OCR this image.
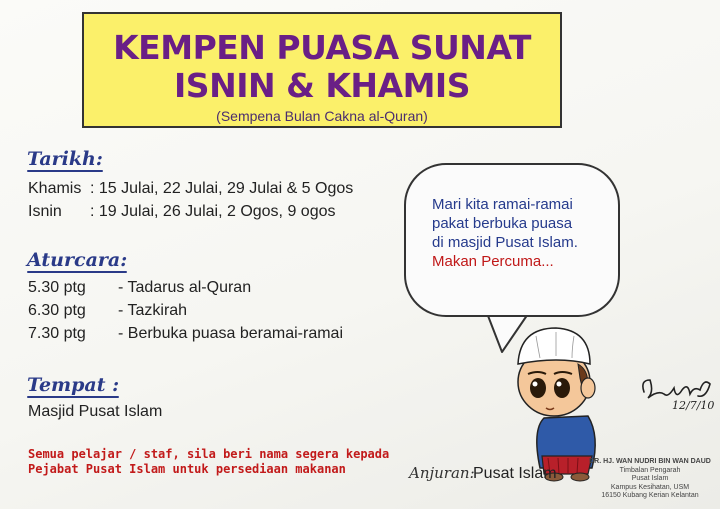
KEMPEN PUASA SUNAT
ISNIN & KHAMIS
(Sempena Bulan Cakna al-Quran)
Tarikh:
Khamis : 15 Julai, 22 Julai, 29 Julai & 5 Ogos
Isnin : 19 Julai, 26 Julai, 2 Ogos, 9 ogos
Aturcara:
5.30 ptg - Tadarus al-Quran
6.30 ptg - Tazkirah
7.30 ptg - Berbuka puasa beramai-ramai
Tempat :
Masjid Pusat Islam
Semua pelajar / staf, sila beri nama segera kepada
Pejabat Pusat Islam untuk persediaan makanan
Mari kita ramai-ramai
pakat berbuka puasa
di masjid Pusat Islam.
Makan Percuma...
12/7/10
Anjuran:
Pusat Islam
DR. HJ. WAN NUDRI BIN WAN DAUD
Timbalan Pengarah
Pusat Islam
Kampus Kesihatan, USM
16150 Kubang Kerian Kelantan
